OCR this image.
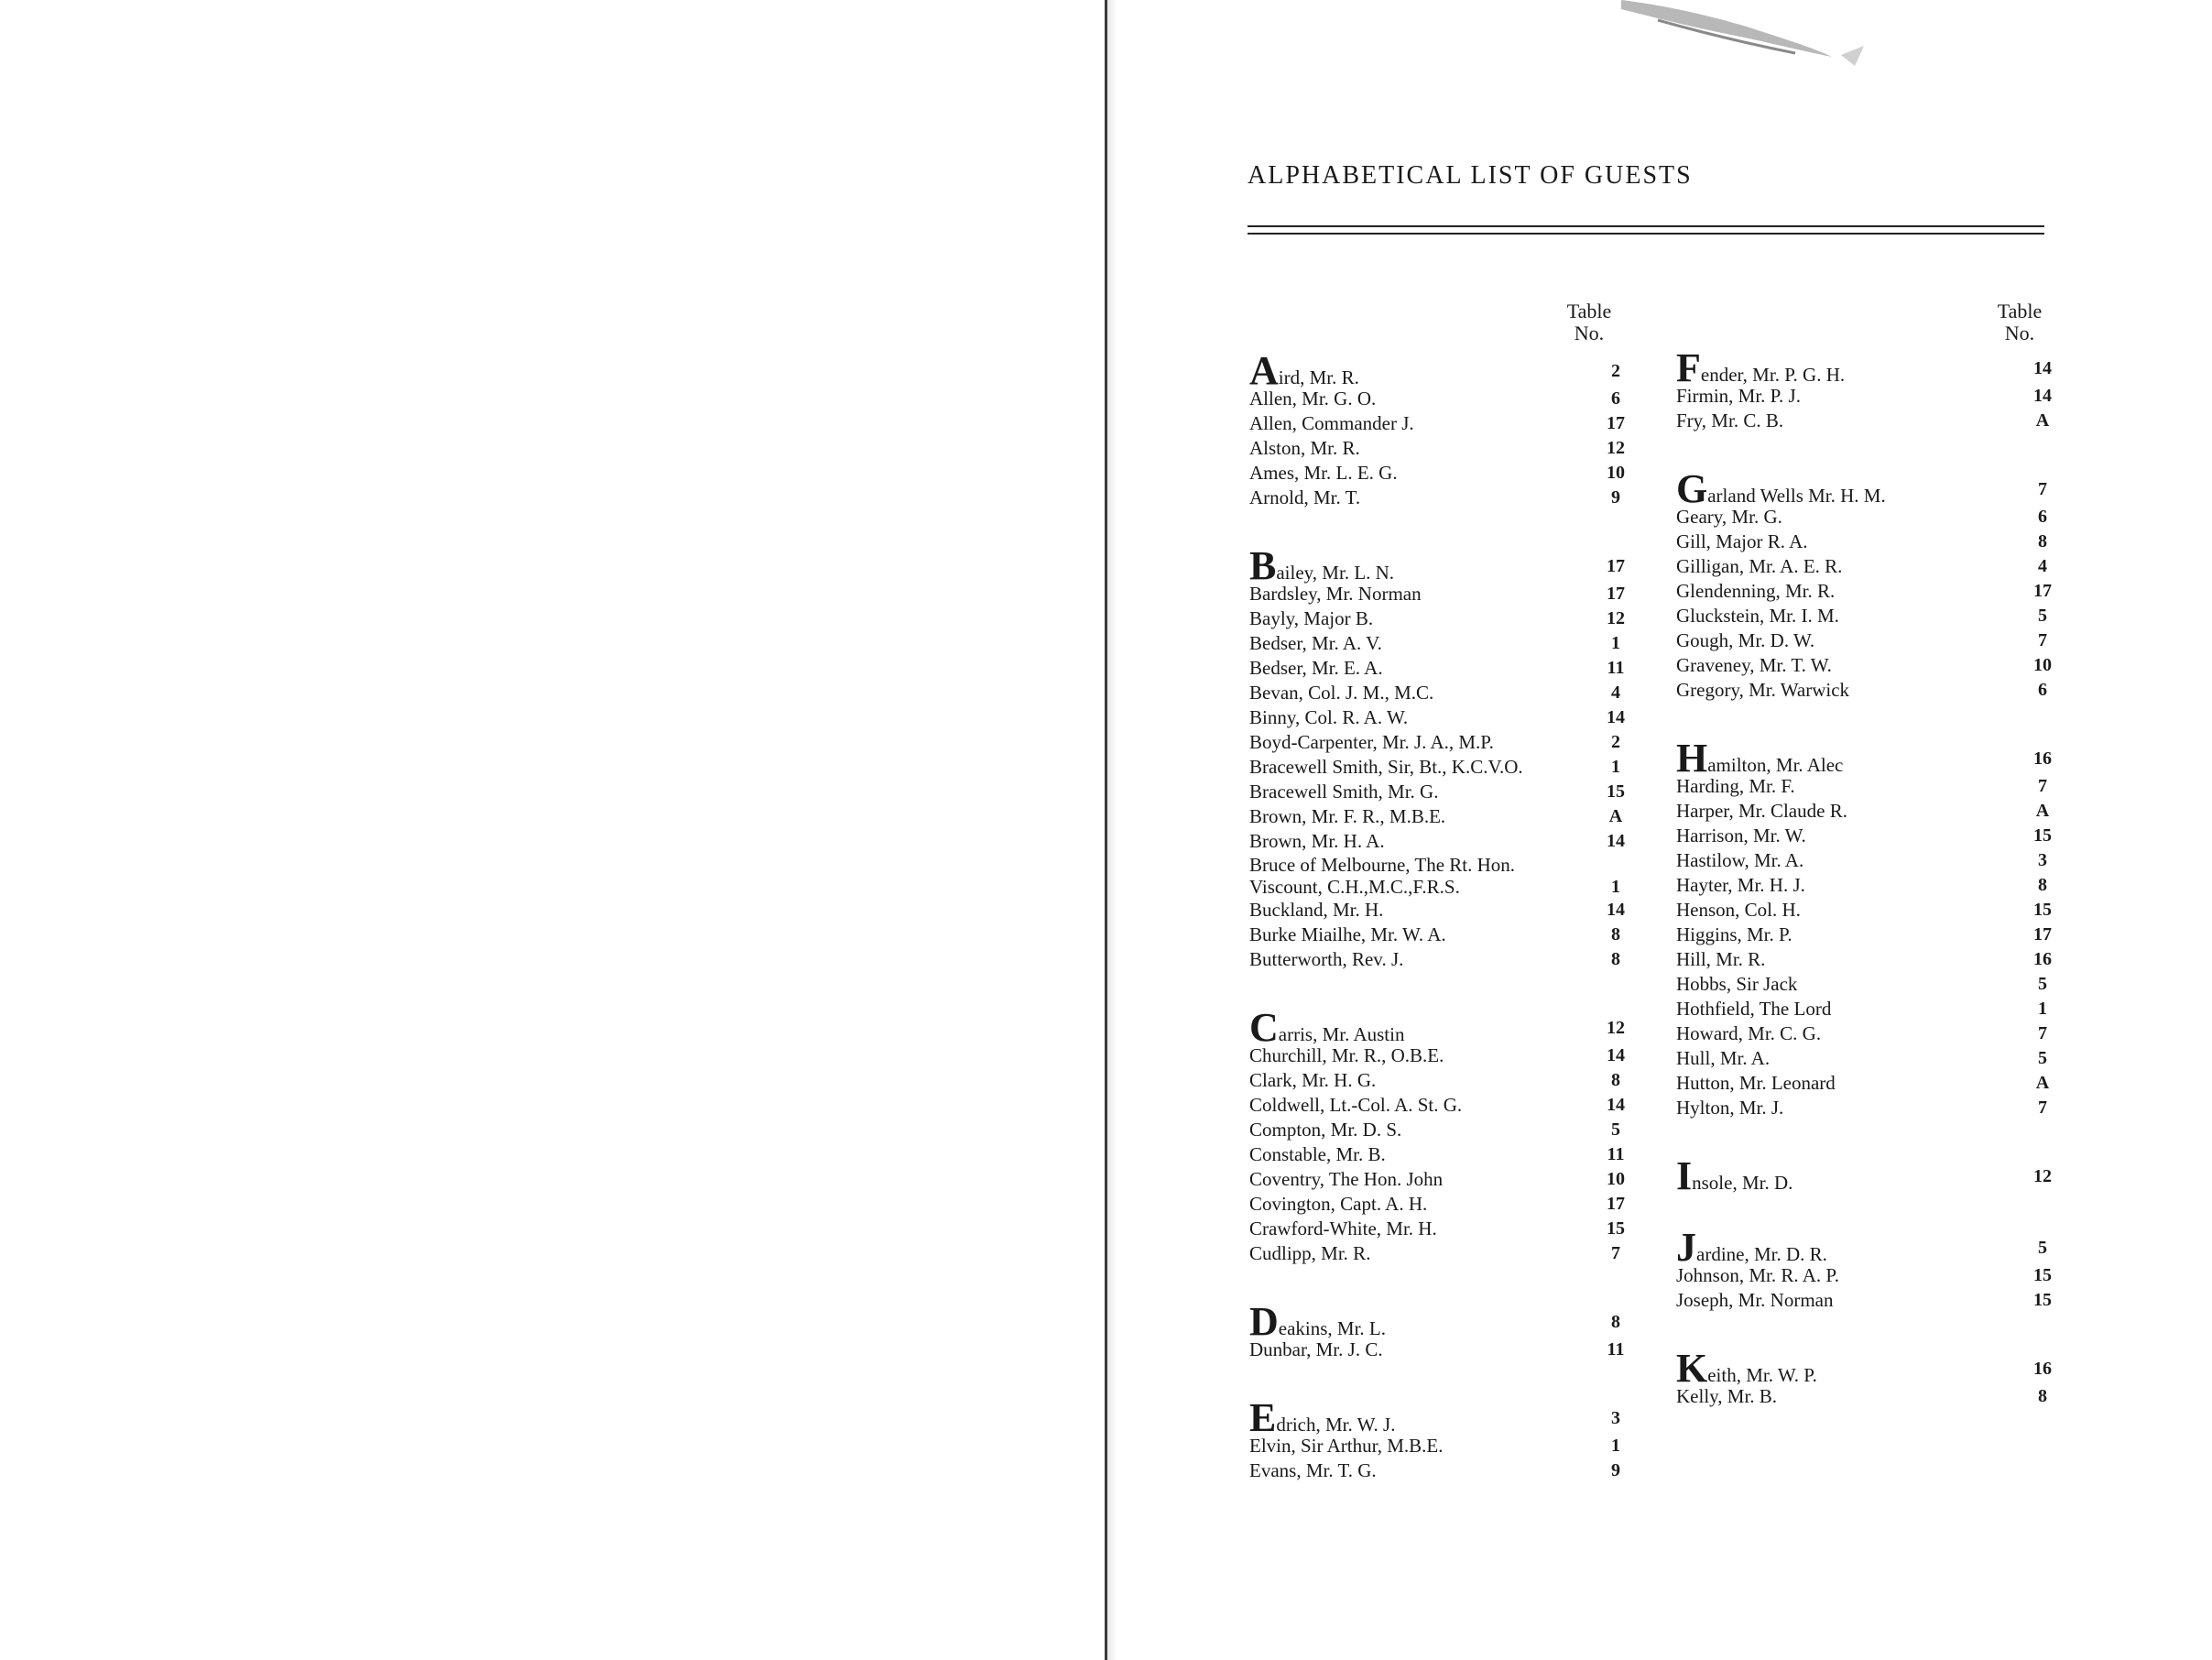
ALPHABETICAL LIST OF GUESTS
Table
No.
Table
No.
Aird, Mr. R.	2
Allen, Mr. G. O.	6
Allen, Commander J.	17
Alston, Mr. R.	12
Ames, Mr. L. E. G.	10
Arnold, Mr. T.	9
Bailey, Mr. L. N.	17
Bardsley, Mr. Norman	17
Bayly, Major B.	12
Bedser, Mr. A. V.	1
Bedser, Mr. E. A.	11
Bevan, Col. J. M., M.C.	4
Binny, Col. R. A. W.	14
Boyd-Carpenter, Mr. J. A., M.P.	2
Bracewell Smith, Sir, Bt., K.C.V.O.	1
Bracewell Smith, Mr. G.	15
Brown, Mr. F. R., M.B.E.	A
Brown, Mr. H. A.	14
Bruce of Melbourne, The Rt. Hon. Viscount, C.H.,M.C.,F.R.S.	1
Buckland, Mr. H.	14
Burke Miailhe, Mr. W. A.	8
Butterworth, Rev. J.	8
Carris, Mr. Austin	12
Churchill, Mr. R., O.B.E.	14
Clark, Mr. H. G.	8
Coldwell, Lt.-Col. A. St. G.	14
Compton, Mr. D. S.	5
Constable, Mr. B.	11
Coventry, The Hon. John	10
Covington, Capt. A. H.	17
Crawford-White, Mr. H.	15
Cudlipp, Mr. R.	7
Deakins, Mr. L.	8
Dunbar, Mr. J. C.	11
Edrich, Mr. W. J.	3
Elvin, Sir Arthur, M.B.E.	1
Evans, Mr. T. G.	9
Fender, Mr. P. G. H.	14
Firmin, Mr. P. J.	14
Fry, Mr. C. B.	A
Garland Wells Mr. H. M.	7
Geary, Mr. G.	6
Gill, Major R. A.	8
Gilligan, Mr. A. E. R.	4
Glendenning, Mr. R.	17
Gluckstein, Mr. I. M.	5
Gough, Mr. D. W.	7
Graveney, Mr. T. W.	10
Gregory, Mr. Warwick	6
Hamilton, Mr. Alec	16
Harding, Mr. F.	7
Harper, Mr. Claude R.	A
Harrison, Mr. W.	15
Hastilow, Mr. A.	3
Hayter, Mr. H. J.	8
Henson, Col. H.	15
Higgins, Mr. P.	17
Hill, Mr. R.	16
Hobbs, Sir Jack	5
Hothfield, The Lord	1
Howard, Mr. C. G.	7
Hull, Mr. A.	5
Hutton, Mr. Leonard	A
Hylton, Mr. J.	7
Insole, Mr. D.	12
Jardine, Mr. D. R.	5
Johnson, Mr. R. A. P.	15
Joseph, Mr. Norman	15
Keith, Mr. W. P.	16
Kelly, Mr. B.	8
